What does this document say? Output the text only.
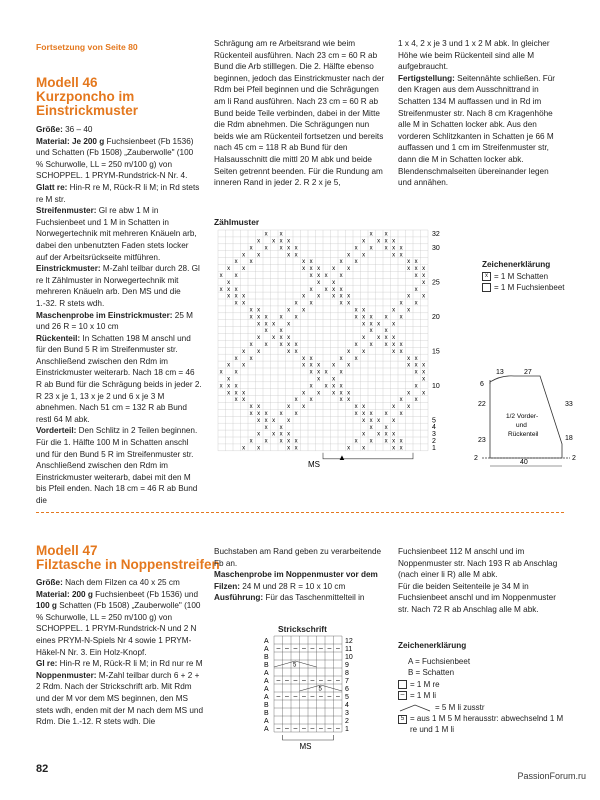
Fortsetzung von Seite 80
Modell 46
Kurzponcho im
Einstrickmuster
Größe: 36 – 40
Material: Je 200 g Fuchsienbeet (Fb 1536) und Schatten (Fb 1508) „Zauberwolle" (100 % Schurwolle, LL = 250 m/100 g) von SCHOPPEL. 1 PRYM-Rundstrick-N Nr. 4.
Glatt re: Hin-R re M, Rück-R li M; in Rd stets re M str.
Streifenmuster: Gl re abw 1 M in Fuchsienbeet und 1 M in Schatten in Norwegertechnik mit mehreren Knäueln arb, dabei den unbenutzten Faden stets locker auf der Arbeitsrückseite mitführen.
Einstrickmuster: M-Zahl teilbar durch 28. Gl re lt Zählmuster in Norwegertechnik mit mehreren Knäueln arb. Den MS und die 1.-32. R stets wdh.
Maschenprobe im Einstrickmuster: 25 M und 26 R = 10 x 10 cm
Rückenteil: In Schatten 198 M anschl und für den Bund 5 R im Streifenmuster str. Anschließend zwischen den Rdm im Einstrickmuster weiterarb. Nach 18 cm = 46 R ab Bund für die Schrägung beids in jeder 2. R 23 x je 1, 13 x je 2 und 6 x je 3 M abnehmen. Nach 51 cm = 132 R ab Bund restl 64 M abk.
Vorderteil: Den Schlitz in 2 Teilen beginnen. Für die 1. Hälfte 100 M in Schatten anschl und für den Bund 5 R im Streifenmuster str. Anschließend zwischen den Rdm im Einstrickmuster weiterarb, dabei mit den M bis Pfeil enden. Nach 18 cm = 46 R ab Bund die
Schrägung am re Arbeitsrand wie beim Rückenteil ausführen. Nach 23 cm = 60 R ab Bund die Arb stilllegen. Die 2. Hälfte ebenso beginnen, jedoch das Einstrickmuster nach der Rdm bei Pfeil beginnen und die Schrägungen am li Rand ausführen. Nach 23 cm = 60 R ab Bund beide Teile verbinden, dabei in der Mitte die Rdm abnehmen. Die Schrägungen nun beids wie am Rückenteil fortsetzen und bereits nach 45 cm = 118 R ab Bund für den Halsausschnitt die mittl 20 M abk und beide Seiten getrennt beenden. Für die Rundung am inneren Rand in jeder 2. R 2 x je 5,
1 x 4, 2 x je 3 und 1 x 2 M abk. In gleicher Höhe wie beim Rückenteil sind alle M aufgebraucht.
Fertigstellung: Seitennähte schließen. Für den Kragen aus dem Ausschnittrand in Schatten 134 M auffassen und in Rd im Streifenmuster str. Nach 8 cm Kragenhöhe alle M in Schatten locker abk. Aus den vorderen Schlitzkanten in Schatten je 66 M auffassen und 1 cm im Streifenmuster str, dann die M in Schatten locker abk. Blendenschmalseiten übereinander legen und annähen.
Zählmuster
x x	x x
x x x x	x x x x
x x x x x	x x x x x
x x	x x	x x	x x
x x	x x	x x	x x
x x	x x x x x	x x x
x x	x x x x	x x
x	x x	x
x x x	x x x x	x
x x x	x x x x x	x x
x x	x x	x x	x x
x x	x x	x x	x x
x x x x x	x x x x x
x x x x	x x x x
x x	x x
x x x x	x x x x
x x x x x	x x x x x
x x	x x	x x	x x
x x	x x	x x	x x
x x	x x x x x	x x x
x x	x x x x	x x
x	x x	x
x x x	x x x x	x
x x x	x x x x x	x x
x x	x x	x x	x x
x x	x x	x x	x x
x x x x x	x x x x x
x x x x	x x x x
x x	x x
x x x x	x x x x
x x x x x	x x x x x
x x	x x	x x	x x
32
30
25
20
15
10
5
4
3
2
1
MS
▲
Zeichenerklärung
x = 1 M Schatten
= 1 M Fuchsienbeet
13	27
6
22	33
23	18
2	2
40
1/2 Vorder-
und
Rückenteil
Modell 47
Filztasche in Noppenstreifen
Größe: Nach dem Filzen ca 40 x 25 cm
Material: 200 g Fuchsienbeet (Fb 1536) und
100 g Schatten (Fb 1508) „Zauberwolle" (100 % Schurwolle, LL = 250 m/100 g) von SCHOPPEL. 1 PRYM-Rundstrick-N und 2 N eines PRYM-N-Spiels Nr 4 sowie 1 PRYM-Häkel-N Nr. 3. Ein Holz-Knopf.
Gl re: Hin-R re M, Rück-R li M; in Rd nur re M
Noppenmuster: M-Zahl teilbar durch 6 + 2 + 2 Rdm. Nach der Strickschrift arb. Mit Rdm und der M vor dem MS beginnen, den MS stets wdh, enden mit der M nach dem MS und Rdm. Die 1.-12. R stets wdh. Die
Buchstaben am Rand geben zu verarbeitende Fb an.
Maschenprobe im Noppenmuster vor dem Filzen: 24 M und 28 R = 10 x 10 cm
Ausführung: Für das Taschenmittelteil in
Fuchsienbeet 112 M anschl und im Noppenmuster str. Nach 193 R ab Anschlag (nach einer li R) alle M abk.
Für die beiden Seitenteile je 34 M in Fuchsienbeet anschl und im Noppenmuster str. Nach 72 R ab Anschlag alle M abk.
Strickschrift
A
A
B
B
A
A
A
A
B
B
A
A
12
11
10
9
8
7
6
5
4
3
2
1
– – – – – – – –
– – – – – – – –
– – – – – – – –
– – – – – – – –
5
5
MS
Zeichenerklärung
A = Fuchsienbeet
B = Schatten
= 1 M re
– = 1 M li
= 5 M li zusstr
5 = aus 1 M 5 M herausstr: abwechselnd 1 M re und 1 M li
82
PassionForum.ru
